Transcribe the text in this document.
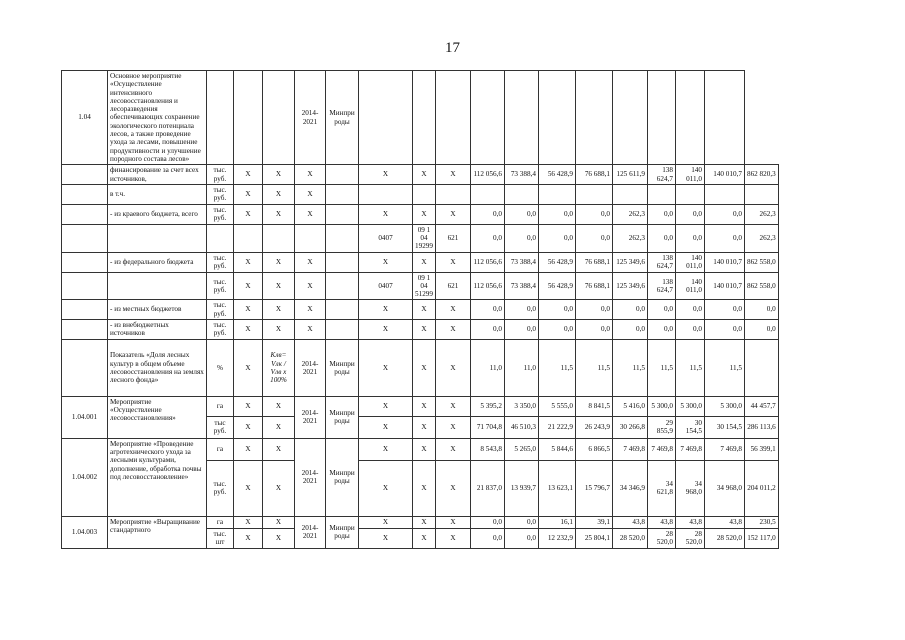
17
1.04	Основное мероприятие «Осуществление интенсивного лесовосстановления и лесоразведения обеспечивающих сохранение экологического потенциала лесов, а также проведение ухода за лесами, повышение продуктивности и улучшение породного состава лесов»				2014-2021	Минпри роды												
	финансирование за счет всех источников,	тыс. руб.	X	X	X		X	X	X	112 056,6	73 388,4	56 428,9	76 688,1	125 611,9	138 624,7	140 011,0	140 010,7	862 820,3
	в т.ч.	тыс. руб.	X	X	X													
	- из краевого бюджета, всего	тыс. руб.	X	X	X		X	X	X	0,0	0,0	0,0	0,0	262,3	0,0	0,0	0,0	262,3
							0407	09 1 04 19299	621	0,0	0,0	0,0	0,0	262,3	0,0	0,0	0,0	262,3
	- из федерального бюджета	тыс. руб.	X	X	X		X	X	X	112 056,6	73 388,4	56 428,9	76 688,1	125 349,6	138 624,7	140 011,0	140 010,7	862 558,0
		тыс. руб.	X	X	X		0407	09 1 04 51299	621	112 056,6	73 388,4	56 428,9	76 688,1	125 349,6	138 624,7	140 011,0	140 010,7	862 558,0
	- из местных бюджетов	тыс. руб.	X	X	X		X	X	X	0,0	0,0	0,0	0,0	0,0	0,0	0,0	0,0	0,0
	- из внебюджетных источников	тыс. руб.	X	X	X		X	X	X	0,0	0,0	0,0	0,0	0,0	0,0	0,0	0,0	0,0
	Показатель «Доля лесных культур в общем объеме лесовосстановления на землях лесного фонда»	%	X	Kлв= Vлк / Vлв x 100%	2014-2021	Минпри роды	X	X	X	11,0	11,0	11,5	11,5	11,5	11,5	11,5	11,5	
1.04.001	Мероприятие «Осуществление лесовосстановления»	га	X	X	2014-2021	Минпри роды	X	X	X	5 395,2	3 350,0	5 555,0	8 841,5	5 416,0	5 300,0	5 300,0	5 300,0	44 457,7
		тыс руб.	X	X			X	X	X	71 704,8	46 510,3	21 222,9	26 243,9	30 266,8	29 855,9	30 154,5	30 154,5	286 113,6
1.04.002	Мероприятие «Проведение агротехнического ухода за лесными культурами, дополнение, обработка почвы под лесовосстановление»	га	X	X	2014-2021	Минпри роды	X	X	X	8 543,8	5 265,0	5 844,6	6 866,5	7 469,8	7 469,8	7 469,8	7 469,8	56 399,1
		тыс. руб.	X	X			X	X	X	21 837,0	13 939,7	13 623,1	15 796,7	34 346,9	34 621,8	34 968,0	34 968,0	204 011,2
1.04.003	Мероприятие «Выращивание стандартного	га	X	X	2014-2021	Минпри роды	X	X	X	0,0	0,0	16,1	39,1	43,8	43,8	43,8	43,8	230,5
		тыс. шт	X	X			X	X	X	0,0	0,0	12 232,9	25 804,1	28 520,0	28 520,0	28 520,0	28 520,0	152 117,0
